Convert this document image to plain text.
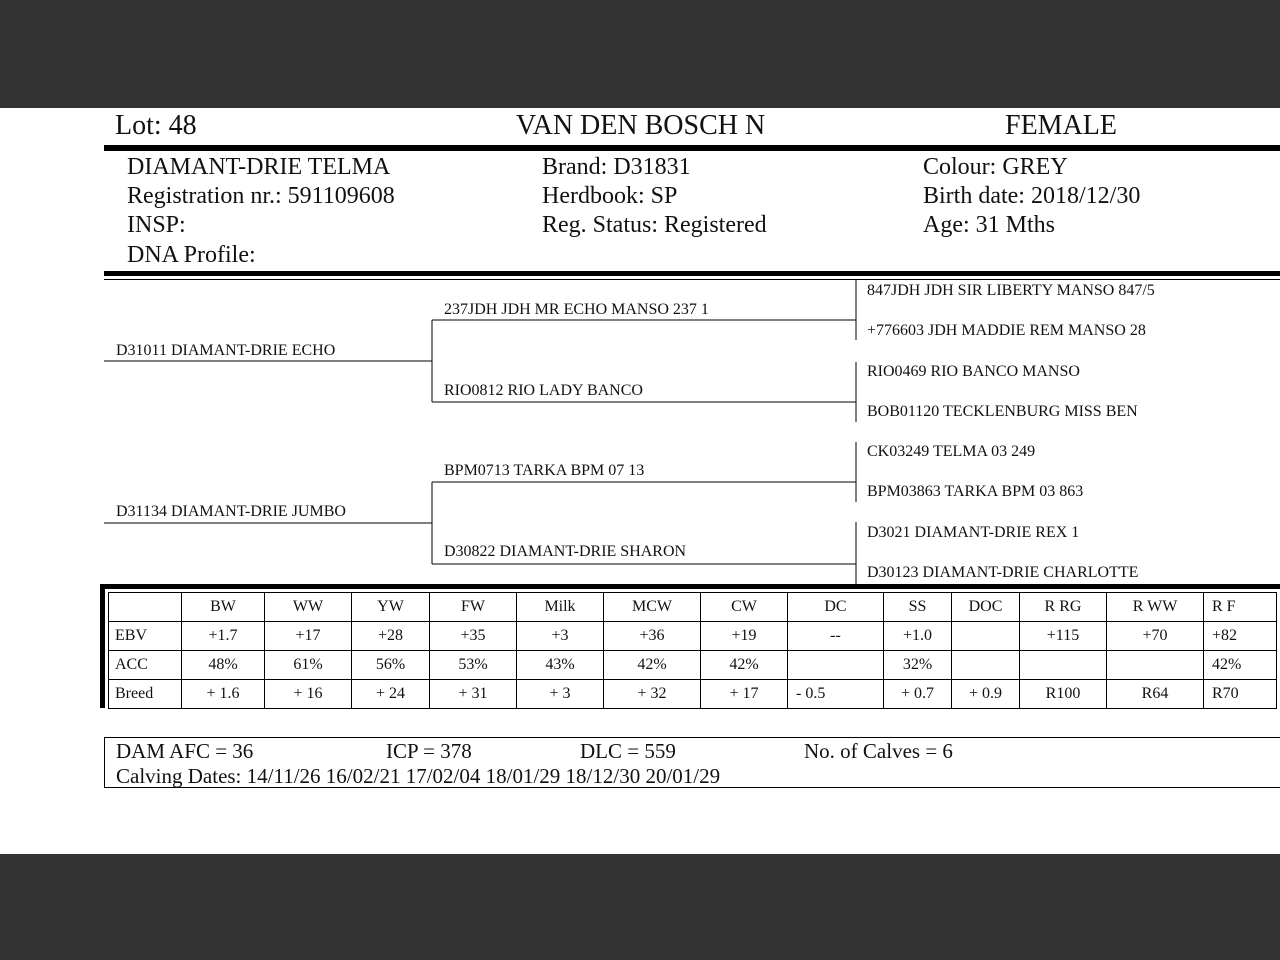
Lot: 48	VAN DEN BOSCH N	FEMALE
DIAMANT-DRIE TELMA
Registration nr.: 591109608
INSP:
DNA Profile:
Brand: D31831
Herdbook: SP
Reg. Status: Registered
Colour: GREY
Birth date: 2018/12/30
Age: 31 Mths
D31011 DIAMANT-DRIE ECHO
D31134 DIAMANT-DRIE JUMBO
237JDH JDH MR ECHO MANSO 237 1
RIO0812 RIO LADY BANCO
BPM0713 TARKA BPM 07 13
D30822 DIAMANT-DRIE SHARON
847JDH JDH SIR LIBERTY MANSO 847/5
+776603 JDH MADDIE REM MANSO 28
RIO0469 RIO BANCO MANSO
BOB01120 TECKLENBURG MISS BEN
CK03249 TELMA 03 249
BPM03863 TARKA BPM 03 863
D3021 DIAMANT-DRIE REX 1
D30123 DIAMANT-DRIE CHARLOTTE
	BW	WW	YW	FW	Milk	MCW	CW	DC	SS	DOC	R RG	R WW	R F
EBV	+1.7	+17	+28	+35	+3	+36	+19	--	+1.0		+115	+70	+82
ACC	48%	61%	56%	53%	43%	42%	42%		32%				42%
Breed	+ 1.6	+ 16	+ 24	+ 31	+ 3	+ 32	+ 17	- 0.5	+ 0.7	+ 0.9	R100	R64	R70
DAM AFC = 36	ICP = 378	DLC = 559	No. of Calves = 6
Calving Dates: 14/11/26 16/02/21 17/02/04 18/01/29 18/12/30 20/01/29
